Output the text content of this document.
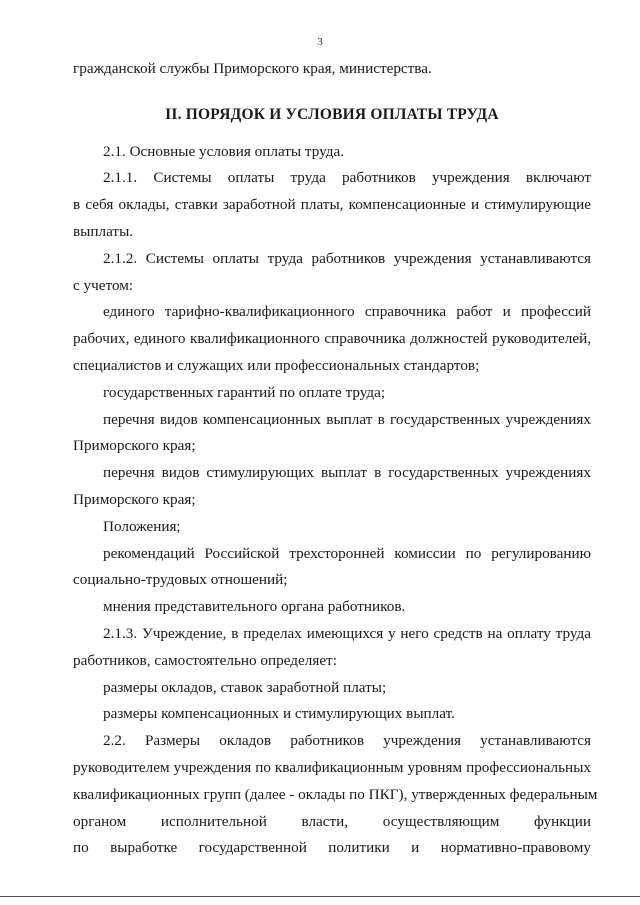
3
гражданской службы Приморского края, министерства.
II. ПОРЯДОК И УСЛОВИЯ ОПЛАТЫ ТРУДА
2.1. Основные условия оплаты труда.
2.1.1. Системы оплаты труда работников учреждения включают
в себя оклады, ставки заработной платы, компенсационные и стимулирующие
выплаты.
2.1.2. Системы оплаты труда работников учреждения устанавливаются
с учетом:
единого тарифно-квалификационного справочника работ и профессий
рабочих, единого квалификационного справочника должностей руководителей,
специалистов и служащих или профессиональных стандартов;
государственных гарантий по оплате труда;
перечня видов компенсационных выплат в государственных учреждениях
Приморского края;
перечня видов стимулирующих выплат в государственных учреждениях
Приморского края;
Положения;
рекомендаций Российской трехсторонней комиссии по регулированию
социально-трудовых отношений;
мнения представительного органа работников.
2.1.3. Учреждение, в пределах имеющихся у него средств на оплату труда
работников, самостоятельно определяет:
размеры окладов, ставок заработной платы;
размеры компенсационных и стимулирующих выплат.
2.2. Размеры окладов работников учреждения устанавливаются
руководителем учреждения по квалификационным уровням профессиональных
квалификационных групп (далее - оклады по ПКГ), утвержденных федеральным
органом исполнительной власти, осуществляющим функции
по выработке государственной политики и нормативно-правовому
